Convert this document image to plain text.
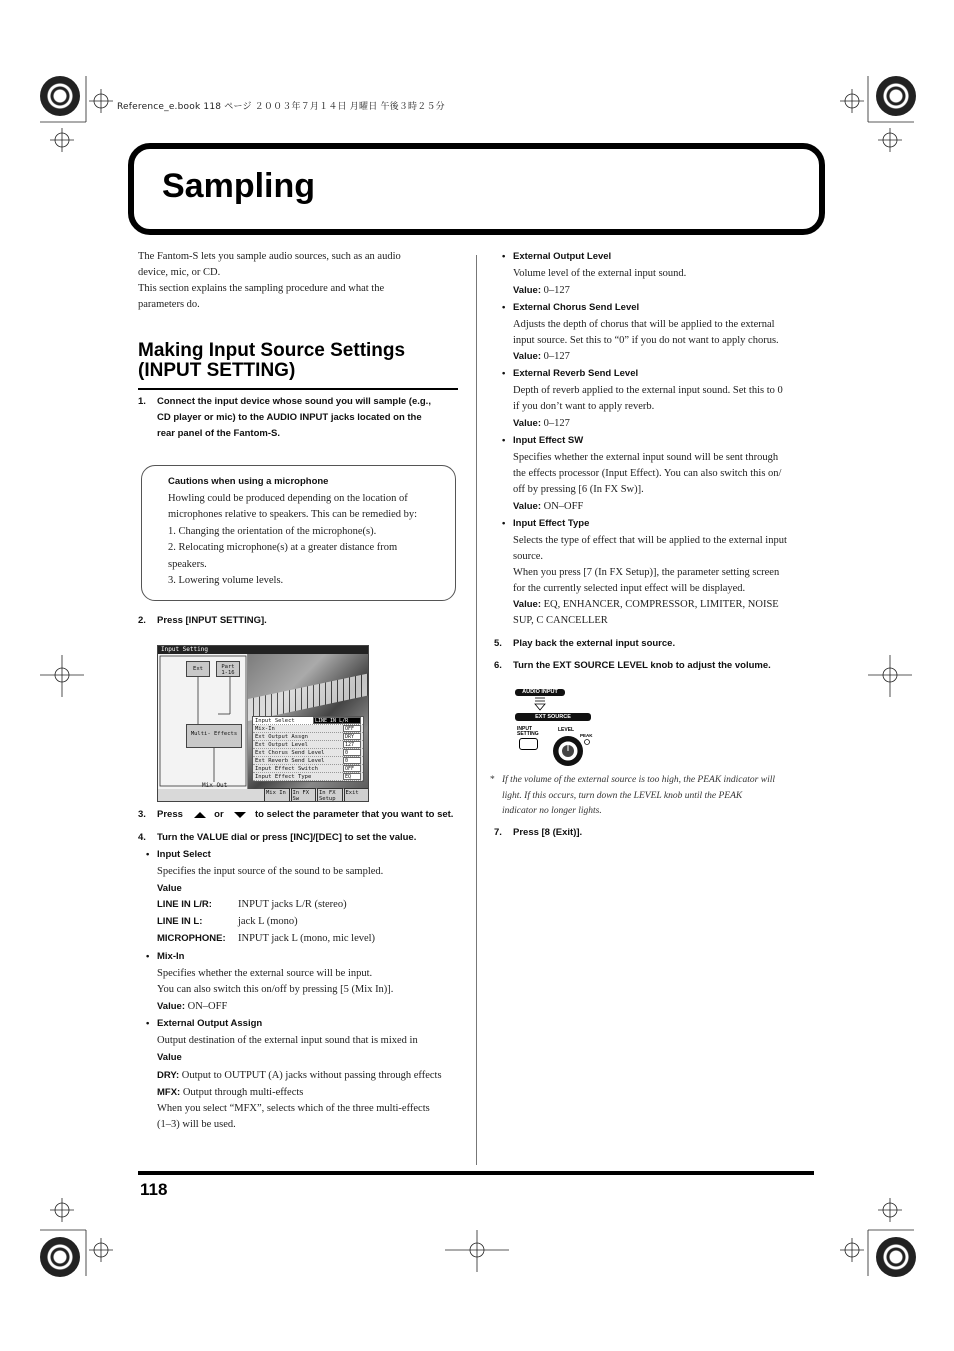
Reference_e.book 118 ページ ２００３年７月１４日 月曜日 午後３時２５分
Sampling

The Fantom-S lets you sample audio sources, such as an audio

device, mic, or CD.

This section explains the sampling procedure and what the

parameters do.

Making Input Source Settings
(INPUT SETTING)
1. Connect the input device whose sound you will sample (e.g.,
CD player or mic) to the AUDIO INPUT jacks located on the
rear panel of the Fantom-S.
Cautions when using a microphone
Howling could be produced depending on the location of
microphones relative to speakers. This can be remedied by:
1. Changing the orientation of the microphone(s).
2. Relocating microphone(s) at a greater distance from
speakers.
3. Lowering volume levels.
2. Press [INPUT SETTING].
Input Setting
Ext	Part 1-16
Multi- Effects
Mix Out
Input Select	LINE IN L/R
Mix-In	OFF
Ext Output Assgn	DRY
Ext Output Level	127
Ext Chorus Send Level	0
Ext Reverb Send Level	0
Input Effect Switch	OFF
Input Effect Type	EQ
Mix In	In FX Sw
In FX Setup
Exit
3. Press	or	to select the parameter that you want to set.
4. Turn the VALUE dial or press [INC]/[DEC] to set the value.
• Input Select

Specifies the input source of the sound to be sampled.

Value

LINE IN L/R: INPUT jacks L/R (stereo)

LINE IN L:	jack L (mono)

MICROPHONE: INPUT jack L (mono, mic level)

• Mix-In

Specifies whether the external source will be input.

You can also switch this on/off by pressing [5 (Mix In)].

Value: ON–OFF

• External Output Assign

Output destination of the external input sound that is mixed in

Value

DRY: Output to OUTPUT (A) jacks without passing through effects

MFX: Output through multi-effects

When you select “MFX”, selects which of the three multi-effects

(1–3) will be used.

• External Output Level

Volume level of the external input sound.

Value: 0–127

• External Chorus Send Level

Adjusts the depth of chorus that will be applied to the external

input source. Set this to “0” if you do not want to apply chorus.

Value: 0–127

• External Reverb Send Level

Depth of reverb applied to the external input sound. Set this to 0

if you don’t want to apply reverb.

Value: 0–127

• Input Effect SW

Specifies whether the external input sound will be sent through

the effects processor (Input Effect). You can also switch this on/

off by pressing [6 (In FX Sw)].

Value: ON–OFF

• Input Effect Type

Selects the type of effect that will be applied to the external input

source.

When you press [7 (In FX Setup)], the parameter setting screen

for the currently selected input effect will be displayed.

Value: EQ, ENHANCER, COMPRESSOR, LIMITER, NOISE

SUP, C CANCELLER

5. Play back the external input source.
6. Turn the EXT SOURCE LEVEL knob to adjust the volume.
AUDIO INPUT
EXT SOURCE
INPUT SETTING
LEVEL
PEAK
* If the volume of the external source is too high, the PEAK indicator will
light. If this occurs, turn down the LEVEL knob until the PEAK
indicator no longer lights.
7. Press [8 (Exit)].
118
